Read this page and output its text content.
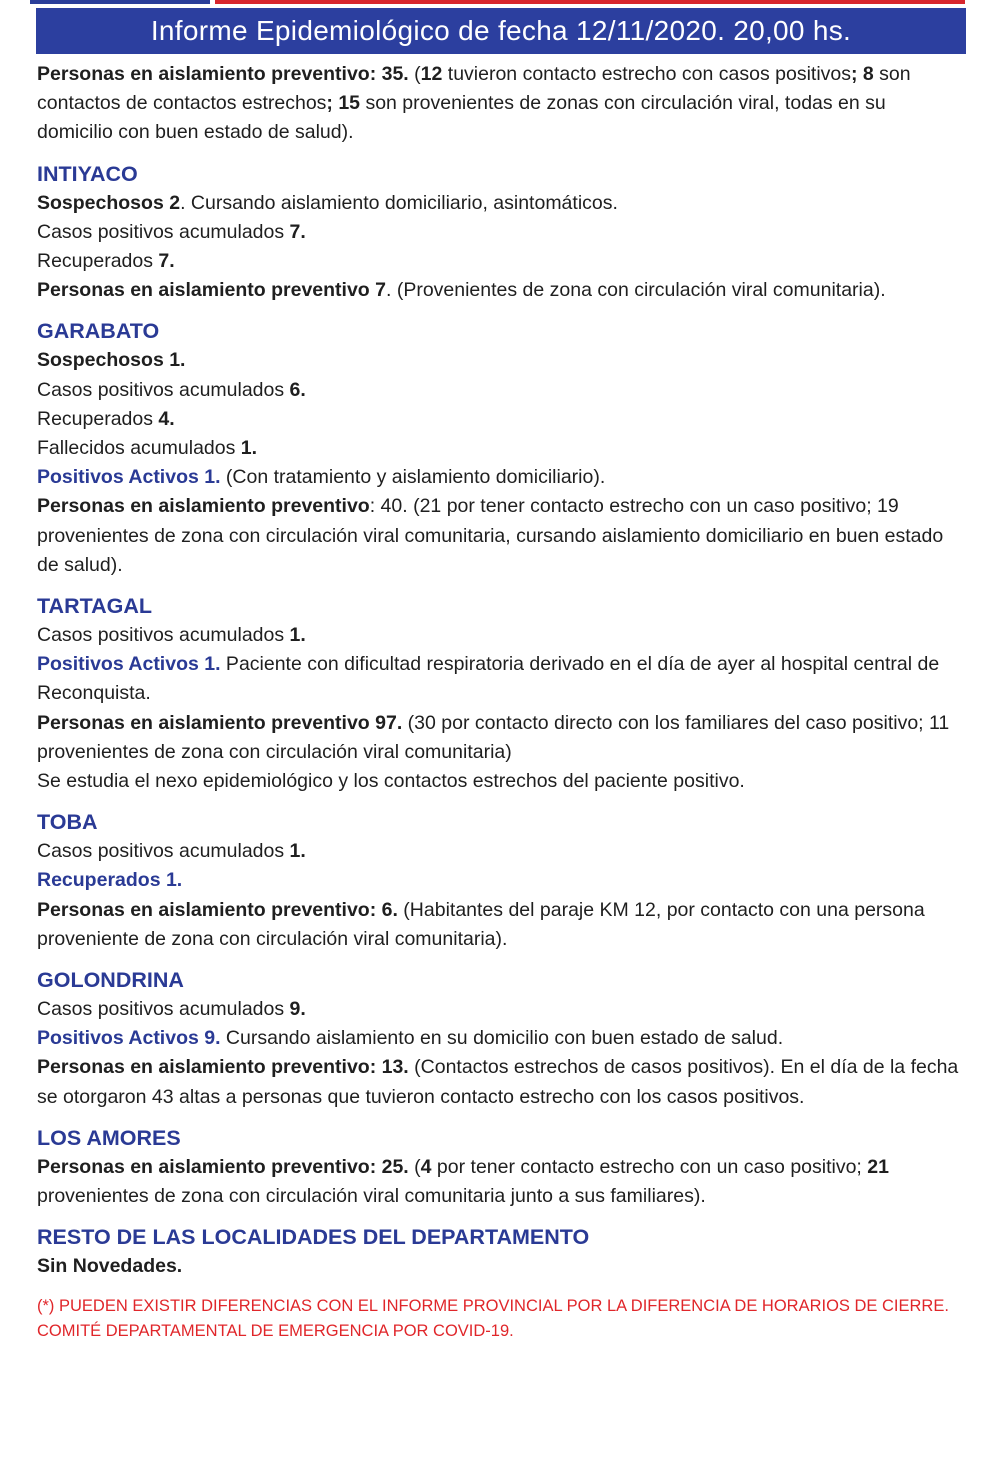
Informe Epidemiológico de fecha 12/11/2020. 20,00 hs.

Personas en aislamiento preventivo: 35. (12 tuvieron contacto estrecho con casos positivos; 8 son contactos de contactos estrechos; 15 son provenientes de zonas con circulación viral, todas en su domicilio con buen estado de salud).

INTIYACO

Sospechosos 2. Cursando aislamiento domiciliario, asintomáticos.

Casos positivos acumulados 7.

Recuperados 7.

Personas en aislamiento preventivo 7. (Provenientes de zona con circulación viral comunitaria).

GARABATO

Sospechosos 1.

Casos positivos acumulados 6.

Recuperados 4.

Fallecidos acumulados 1.

Positivos Activos 1. (Con tratamiento y aislamiento domiciliario).

Personas en aislamiento preventivo: 40. (21 por tener contacto estrecho con un caso positivo; 19 provenientes de zona con circulación viral comunitaria, cursando aislamiento domiciliario en buen estado de salud).

TARTAGAL

Casos positivos acumulados 1.

Positivos Activos 1. Paciente con dificultad respiratoria derivado en el día de ayer al hospital central de Reconquista.

Personas en aislamiento preventivo 97. (30 por contacto directo con los familiares del caso positivo; 11 provenientes de zona con circulación viral comunitaria)

Se estudia el nexo epidemiológico y los contactos estrechos del paciente positivo.

TOBA

Casos positivos acumulados 1.

Recuperados 1.

Personas en aislamiento preventivo: 6. (Habitantes del paraje KM 12, por contacto con una persona proveniente de zona con circulación viral comunitaria).

GOLONDRINA

Casos positivos acumulados 9.

Positivos Activos 9. Cursando aislamiento en su domicilio con buen estado de salud.

Personas en aislamiento preventivo: 13. (Contactos estrechos de casos positivos). En el día de la fecha se otorgaron 43 altas a personas que tuvieron contacto estrecho con los casos positivos.

LOS AMORES

Personas en aislamiento preventivo: 25. (4 por tener contacto estrecho con un caso positivo; 21 provenientes de zona con circulación viral comunitaria junto a sus familiares).

RESTO DE LAS LOCALIDADES DEL DEPARTAMENTO

Sin Novedades.

(*) PUEDEN EXISTIR DIFERENCIAS CON EL INFORME PROVINCIAL POR LA DIFERENCIA DE HORARIOS DE CIERRE.
COMITÉ DEPARTAMENTAL DE EMERGENCIA POR COVID-19.
